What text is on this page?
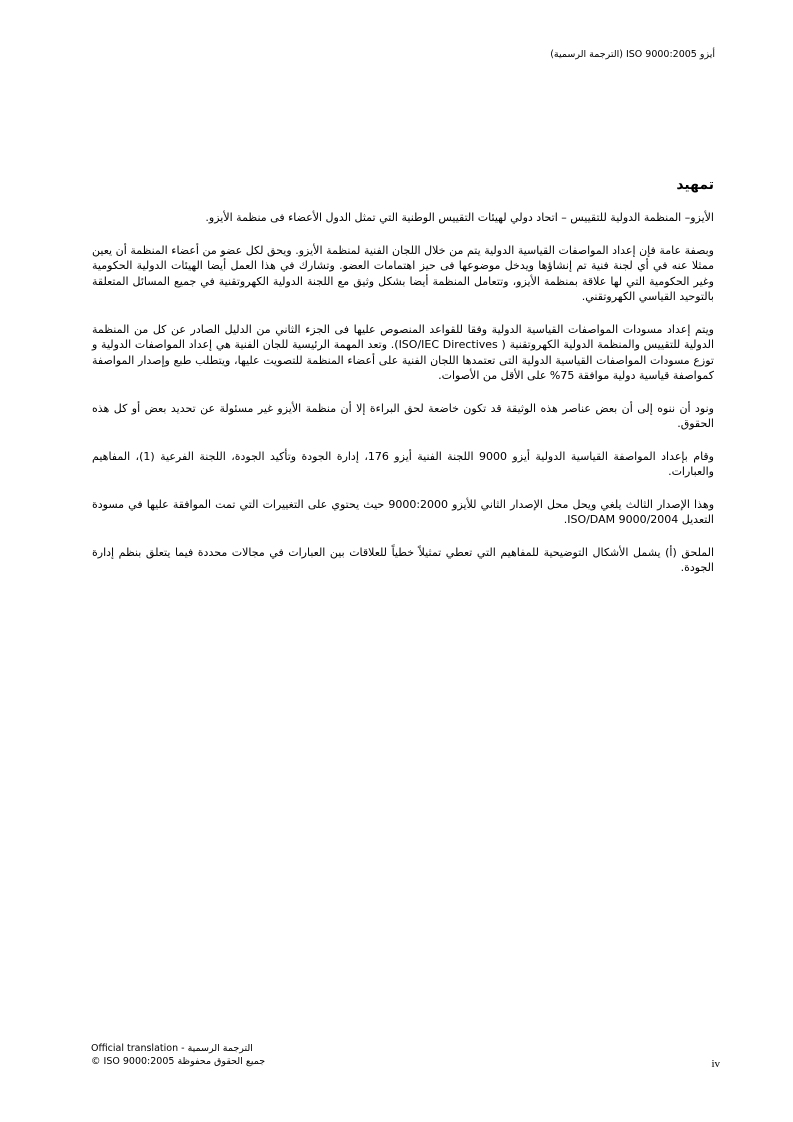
أيزو ISO 9000:2005 (الترجمة الرسمية)
تمهيد

الأيزو– المنظمة الدولية للتقييس – اتحاد دولي لهيئات التقييس الوطنية التي تمثل الدول الأعضاء فى منظمة الأيزو.

وبصفة عامة فإن إعداد المواصفات القياسية الدولية يتم من خلال اللجان الفنية لمنظمة الأيزو. ويحق لكل عضو من أعضاء المنظمة أن يعين ممثلا عنه في أي لجنة فنية تم إنشاؤها ويدخل موضوعها فى حيز اهتمامات العضو. وتشارك في هذا العمل أيضا الهيئات الدولية الحكومية وغير الحكومية التي لها علاقة بمنظمة الأيزو، وتتعامل المنظمة أيضا بشكل وثيق مع اللجنة الدولية الكهروتقنية في جميع المسائل المتعلقة بالتوحيد القياسي الكهروتقني.

ويتم إعداد مسودات المواصفات القياسية الدولية وفقا للقواعد المنصوص عليها فى الجزء الثاني من الدليل الصادر عن كل من المنظمة الدولية للتقييس والمنظمة الدولية الكهروتقنية ( ISO/IEC Directives). وتعد المهمة الرئيسية للجان الفنية هي إعداد المواصفات الدولية و توزع مسودات المواصفات القياسية الدولية التى تعتمدها اللجان الفنية على أعضاء المنظمة للتصويت عليها، ويتطلب طبع وإصدار المواصفة كمواصفة قياسية دولية موافقة 75% على الأقل من الأصوات.

ونود أن ننوه إلى أن بعض عناصر هذه الوثيقة قد تكون خاضعة لحق البراءة إلا أن منظمة الأيزو غير مسئولة عن تحديد بعض أو كل هذه الحقوق.

وقام بإعداد المواصفة القياسية الدولية أيزو 9000 اللجنة الفنية أيزو 176، إدارة الجودة وتأكيد الجودة، اللجنة الفرعية (1)، المفاهيم والعبارات.

وهذا الإصدار الثالث يلغي ويحل محل الإصدار الثاني للأيزو 9000:2000 حيث يحتوي على التغييرات التي تمت الموافقة عليها في مسودة التعديل ISO/DAM 9000/2004.

الملحق (أ) يشمل الأشكال التوضيحية للمفاهيم التي تعطي تمثيلاً خطياً للعلاقات بين العبارات في مجالات محددة فيما يتعلق بنظم إدارة الجودة.

Official translation - الترجمة الرسمية
© ISO 9000:2005 جميع الحقوق محفوظة	iv
